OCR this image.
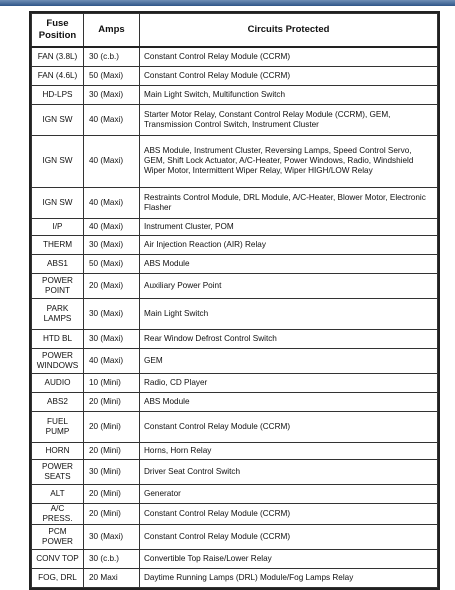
Fuse Position	Amps	Circuits Protected
FAN (3.8L)	30 (c.b.)	Constant Control Relay Module (CCRM)
FAN (4.6L)	50 (Maxi)	Constant Control Relay Module (CCRM)
HD-LPS	30 (Maxi)	Main Light Switch, Multifunction Switch
IGN SW	40 (Maxi)	Starter Motor Relay, Constant Control Relay Module (CCRM), GEM, Transmission Control Switch, Instrument Cluster
IGN SW	40 (Maxi)	ABS Module, Instrument Cluster, Reversing Lamps, Speed Control Servo, GEM, Shift Lock Actuator, A/C-Heater, Power Windows, Radio, Windshield Wiper Motor, Intermittent Wiper Relay, Wiper HIGH/LOW Relay
IGN SW	40 (Maxi)	Restraints Control Module, DRL Module, A/C-Heater, Blower Motor, Electronic Flasher
I/P	40 (Maxi)	Instrument Cluster, POM
THERM	30 (Maxi)	Air Injection Reaction (AIR) Relay
ABS1	50 (Maxi)	ABS Module
POWER POINT	20 (Maxi)	Auxiliary Power Point
PARK LAMPS	30 (Maxi)	Main Light Switch
HTD BL	30 (Maxi)	Rear Window Defrost Control Switch
POWER WINDOWS	40 (Maxi)	GEM
AUDIO	10 (Mini)	Radio, CD Player
ABS2	20 (Mini)	ABS Module
FUEL PUMP	20 (Mini)	Constant Control Relay Module (CCRM)
HORN	20 (Mini)	Horns, Horn Relay
POWER SEATS	30 (Mini)	Driver Seat Control Switch
ALT	20 (Mini)	Generator
A/C PRESS.	20 (Mini)	Constant Control Relay Module (CCRM)
PCM POWER	30 (Maxi)	Constant Control Relay Module (CCRM)
CONV TOP	30 (c.b.)	Convertible Top Raise/Lower Relay
FOG, DRL	20 Maxi	Daytime Running Lamps (DRL) Module/Fog Lamps Relay
